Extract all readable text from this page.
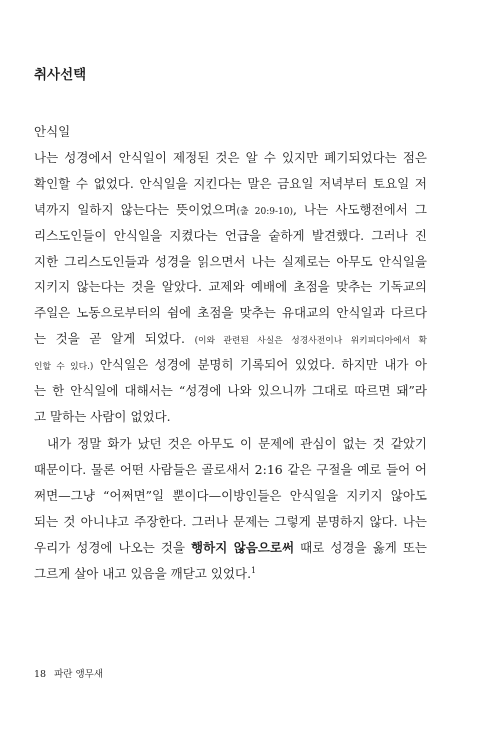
취사선택
안식일
나는 성경에서 안식일이 제정된 것은 알 수 있지만 폐기되었다는 점은
확인할 수 없었다. 안식일을 지킨다는 말은 금요일 저녁부터 토요일 저
녁까지 일하지 않는다는 뜻이었으며(출 20:9-10), 나는 사도행전에서 그
리스도인들이 안식일을 지켰다는 언급을 숱하게 발견했다. 그러나 진
지한 그리스도인들과 성경을 읽으면서 나는 실제로는 아무도 안식일을
지키지 않는다는 것을 알았다. 교제와 예배에 초점을 맞추는 기독교의
주일은 노동으로부터의 쉼에 초점을 맞추는 유대교의 안식일과 다르다
는 것을 곧 알게 되었다. (이와 관련된 사실은 성경사전이나 위키피디아에서 확
인할 수 있다.) 안식일은 성경에 분명히 기록되어 있었다. 하지만 내가 아
는 한 안식일에 대해서는 “성경에 나와 있으니까 그대로 따르면 돼”라
고 말하는 사람이 없었다.
내가 정말 화가 났던 것은 아무도 이 문제에 관심이 없는 것 같았기
때문이다. 물론 어떤 사람들은 골로새서 2:16 같은 구절을 예로 들어 어
쩌면—그냥 “어쩌면”일 뿐이다—이방인들은 안식일을 지키지 않아도
되는 것 아니냐고 주장한다. 그러나 문제는 그렇게 분명하지 않다. 나는
우리가 성경에 나오는 것을 행하지 않음으로써 때로 성경을 옳게 또는
그르게 살아 내고 있음을 깨닫고 있었다.$^1$
18 파란 앵무새
